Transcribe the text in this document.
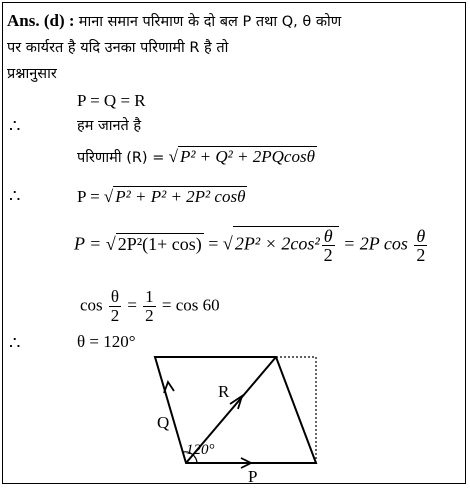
Ans. (d) : माना समान परिमाण के दो बल P तथा Q, θ कोण
पर कार्यरत है यदि उनका परिणामी R है तो
प्रश्नानुसार
P = Q = R
∴	हम जानते है
परिणामी (R) = √ P² + Q² + 2PQcosθ
∴	P = √ P² + P² + 2P² cosθ
P = √ 2P²(1+ cos) = √ $2P^2 \times 2\cos^2 \frac{\theta}{2} = 2P$ $\cos \frac{\theta}{2}$
$\cos \frac{\theta}{2} = \frac{1}{2} = \cos 60$
∴	θ = 120°
R
Q
P
120°
